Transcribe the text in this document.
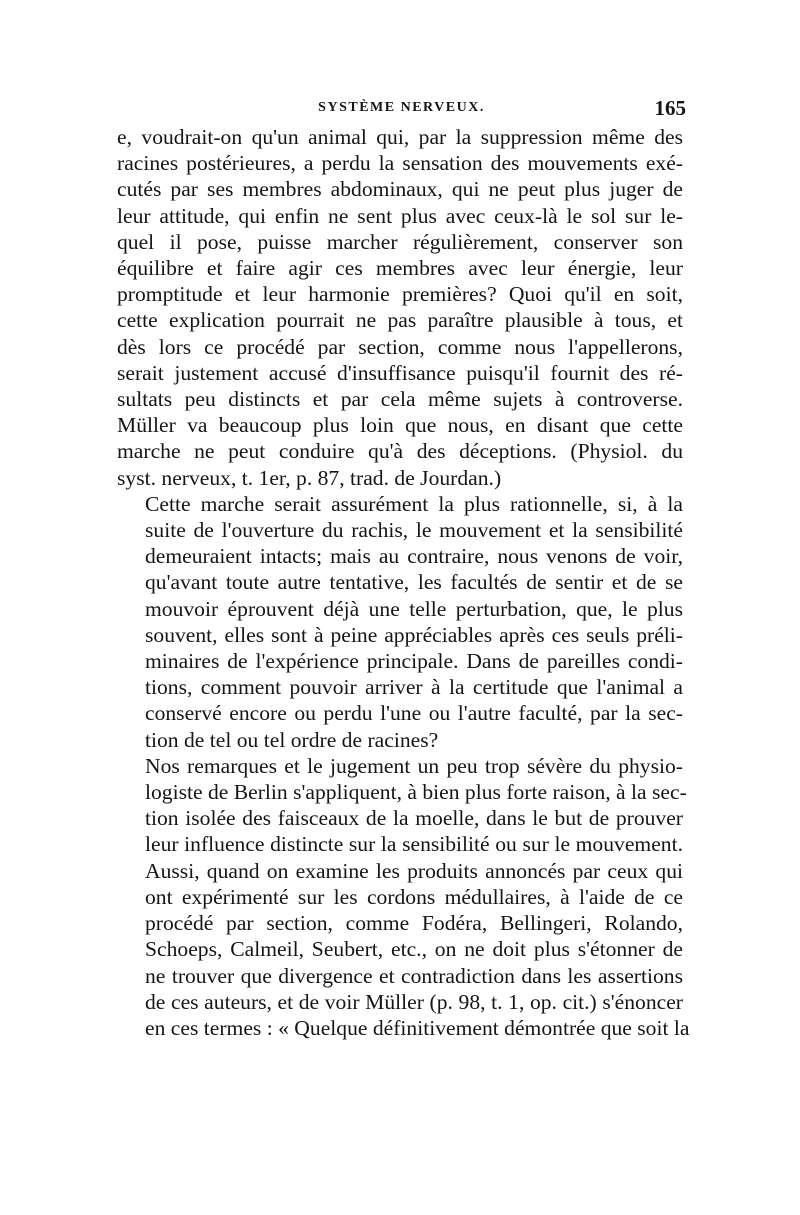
SYSTÈME NERVEUX.	165
e, voudrait-on qu'un animal qui, par la suppression même des
racines postérieures, a perdu la sensation des mouvements exé-
cutés par ses membres abdominaux, qui ne peut plus juger de
leur attitude, qui enfin ne sent plus avec ceux-là le sol sur le-
quel il pose, puisse marcher régulièrement, conserver son
équilibre et faire agir ces membres avec leur énergie, leur
promptitude et leur harmonie premières? Quoi qu'il en soit,
cette explication pourrait ne pas paraître plausible à tous, et
dès lors ce procédé par section, comme nous l'appellerons,
serait justement accusé d'insuffisance puisqu'il fournit des ré-
sultats peu distincts et par cela même sujets à controverse.
Müller va beaucoup plus loin que nous, en disant que cette
marche ne peut conduire qu'à des déceptions. (Physiol. du
syst. nerveux, t. 1er, p. 87, trad. de Jourdan.)
Cette marche serait assurément la plus rationnelle, si, à la
suite de l'ouverture du rachis, le mouvement et la sensibilité
demeuraient intacts; mais au contraire, nous venons de voir,
qu'avant toute autre tentative, les facultés de sentir et de se
mouvoir éprouvent déjà une telle perturbation, que, le plus
souvent, elles sont à peine appréciables après ces seuls préli-
minaires de l'expérience principale. Dans de pareilles condi-
tions, comment pouvoir arriver à la certitude que l'animal a
conservé encore ou perdu l'une ou l'autre faculté, par la sec-
tion de tel ou tel ordre de racines?
Nos remarques et le jugement un peu trop sévère du physio-
logiste de Berlin s'appliquent, à bien plus forte raison, à la sec-
tion isolée des faisceaux de la moelle, dans le but de prouver
leur influence distincte sur la sensibilité ou sur le mouvement.
Aussi, quand on examine les produits annoncés par ceux qui
ont expérimenté sur les cordons médullaires, à l'aide de ce
procédé par section, comme Fodéra, Bellingeri, Rolando,
Schoeps, Calmeil, Seubert, etc., on ne doit plus s'étonner de
ne trouver que divergence et contradiction dans les assertions
de ces auteurs, et de voir Müller (p. 98, t. 1, op. cit.) s'énoncer
en ces termes : « Quelque définitivement démontrée que soit la
